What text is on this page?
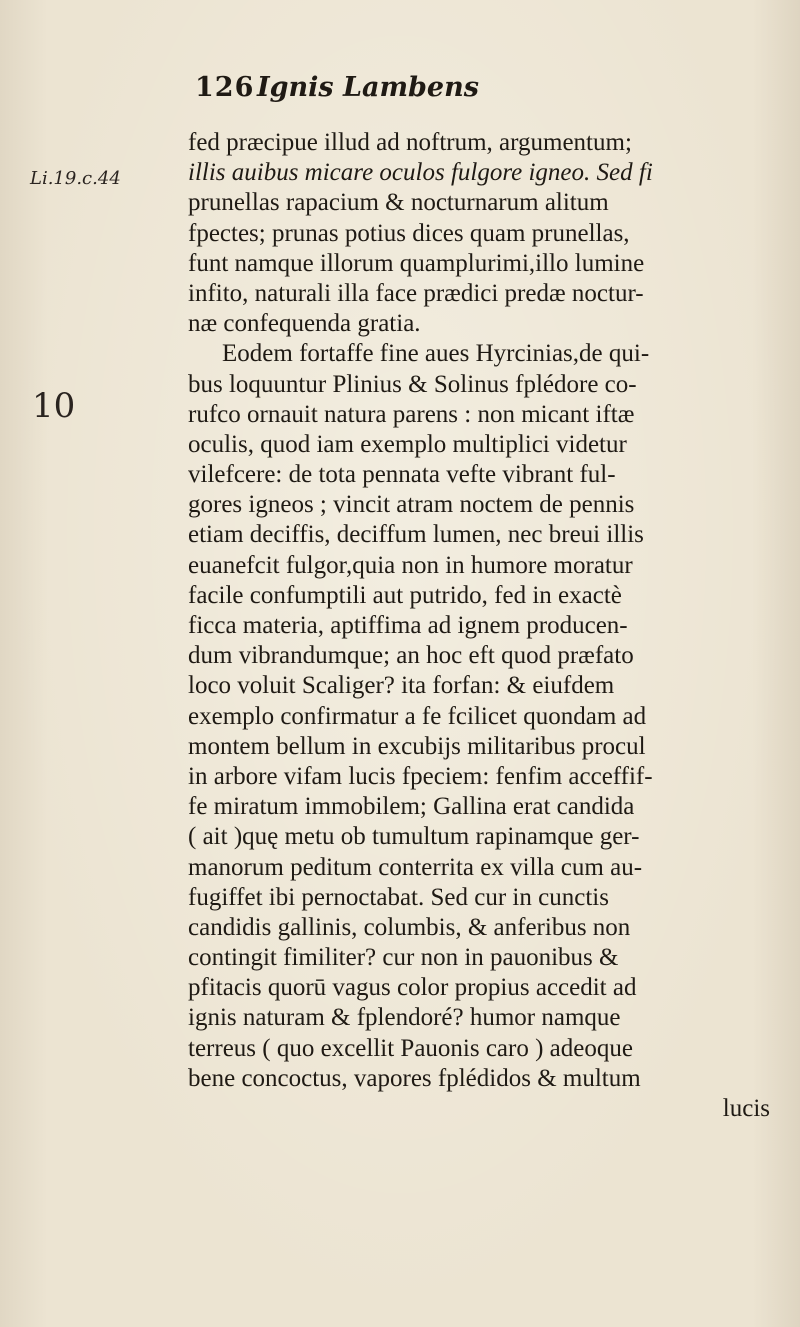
126 Ignis Lambens
Li.19.c.44
10
fed præcipue illud ad noftrum, argumentum;
illis auibus micare oculos fulgore igneo. Sed fi
prunellas rapacium & nocturnarum alitum
fpectes; prunas potius dices quam prunellas,
funt namque illorum quamplurimi,illo lumine
infito, naturali illa face prædici predæ noctur-
næ confequenda gratia.
Eodem fortaffe fine aues Hyrcinias,de qui-
bus loquuntur Plinius & Solinus fplédore co-
rufco ornauit natura parens : non micant iftæ
oculis, quod iam exemplo multiplici videtur
vilefcere: de tota pennata vefte vibrant ful-
gores igneos ; vincit atram noctem de pennis
etiam deciffis, deciffum lumen, nec breui illis
euanefcit fulgor,quia non in humore moratur
facile confumptili aut putrido, fed in exactè
ficca materia, aptiffima ad ignem producen-
dum vibrandumque; an hoc eft quod præfato
loco voluit Scaliger? ita forfan: & eiufdem
exemplo confirmatur a fe fcilicet quondam ad
montem bellum in excubijs militaribus procul
in arbore vifam lucis fpeciem: fenfim acceffif-
fe miratum immobilem; Gallina erat candida
( ait )quę metu ob tumultum rapinamque ger-
manorum peditum conterrita ex villa cum au-
fugiffet ibi pernoctabat. Sed cur in cunctis
candidis gallinis, columbis, & anferibus non
contingit fimiliter? cur non in pauonibus &
pfitacis quorū vagus color propius accedit ad
ignis naturam & fplendoré? humor namque
terreus ( quo excellit Pauonis caro ) adeoque
bene concoctus, vapores fplédidos & multum
lucis
